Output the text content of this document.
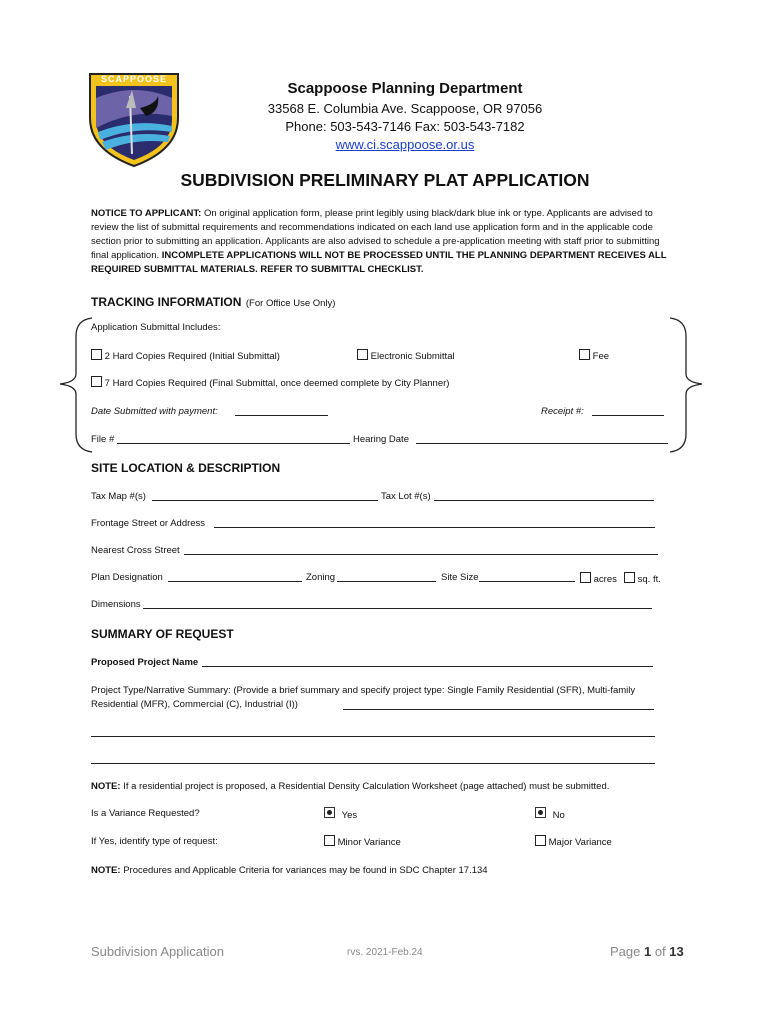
SCAPPOOSE
Scappoose Planning Department
33568 E. Columbia Ave. Scappoose, OR 97056
Phone: 503-543-7146 Fax: 503-543-7182
www.ci.scappoose.or.us
SUBDIVISION PRELIMINARY PLAT APPLICATION
NOTICE TO APPLICANT: On original application form, please print legibly using black/dark blue ink or type. Applicants are advised to review the list of submittal requirements and recommendations indicated on each land use application form and in the applicable code section prior to submitting an application. Applicants are also advised to schedule a pre-application meeting with staff prior to submitting final application. INCOMPLETE APPLICATIONS WILL NOT BE PROCESSED UNTIL THE PLANNING DEPARTMENT RECEIVES ALL REQUIRED SUBMITTAL MATERIALS. REFER TO SUBMITTAL CHECKLIST.
TRACKING INFORMATION (For Office Use Only)
Application Submittal Includes:
2 Hard Copies Required (Initial Submittal)	Electronic Submittal	Fee
7 Hard Copies Required (Final Submittal, once deemed complete by City Planner)
Date Submitted with payment:	Receipt #:
File #	Hearing Date
SITE LOCATION & DESCRIPTION
Tax Map #(s)	Tax Lot #(s)
Frontage Street or Address
Nearest Cross Street
Plan Designation	Zoning	Site Size	acres	sq. ft.
Dimensions
SUMMARY OF REQUEST
Proposed Project Name
Project Type/Narrative Summary: (Provide a brief summary and specify project type: Single Family Residential (SFR), Multi-family Residential (MFR), Commercial (C), Industrial (I))
NOTE: If a residential project is proposed, a Residential Density Calculation Worksheet (page attached) must be submitted.
Is a Variance Requested?	Yes	No
If Yes, identify type of request:	Minor Variance	Major Variance
NOTE: Procedures and Applicable Criteria for variances may be found in SDC Chapter 17.134
Subdivision Application	rvs. 2021-Feb.24	Page 1 of 13
